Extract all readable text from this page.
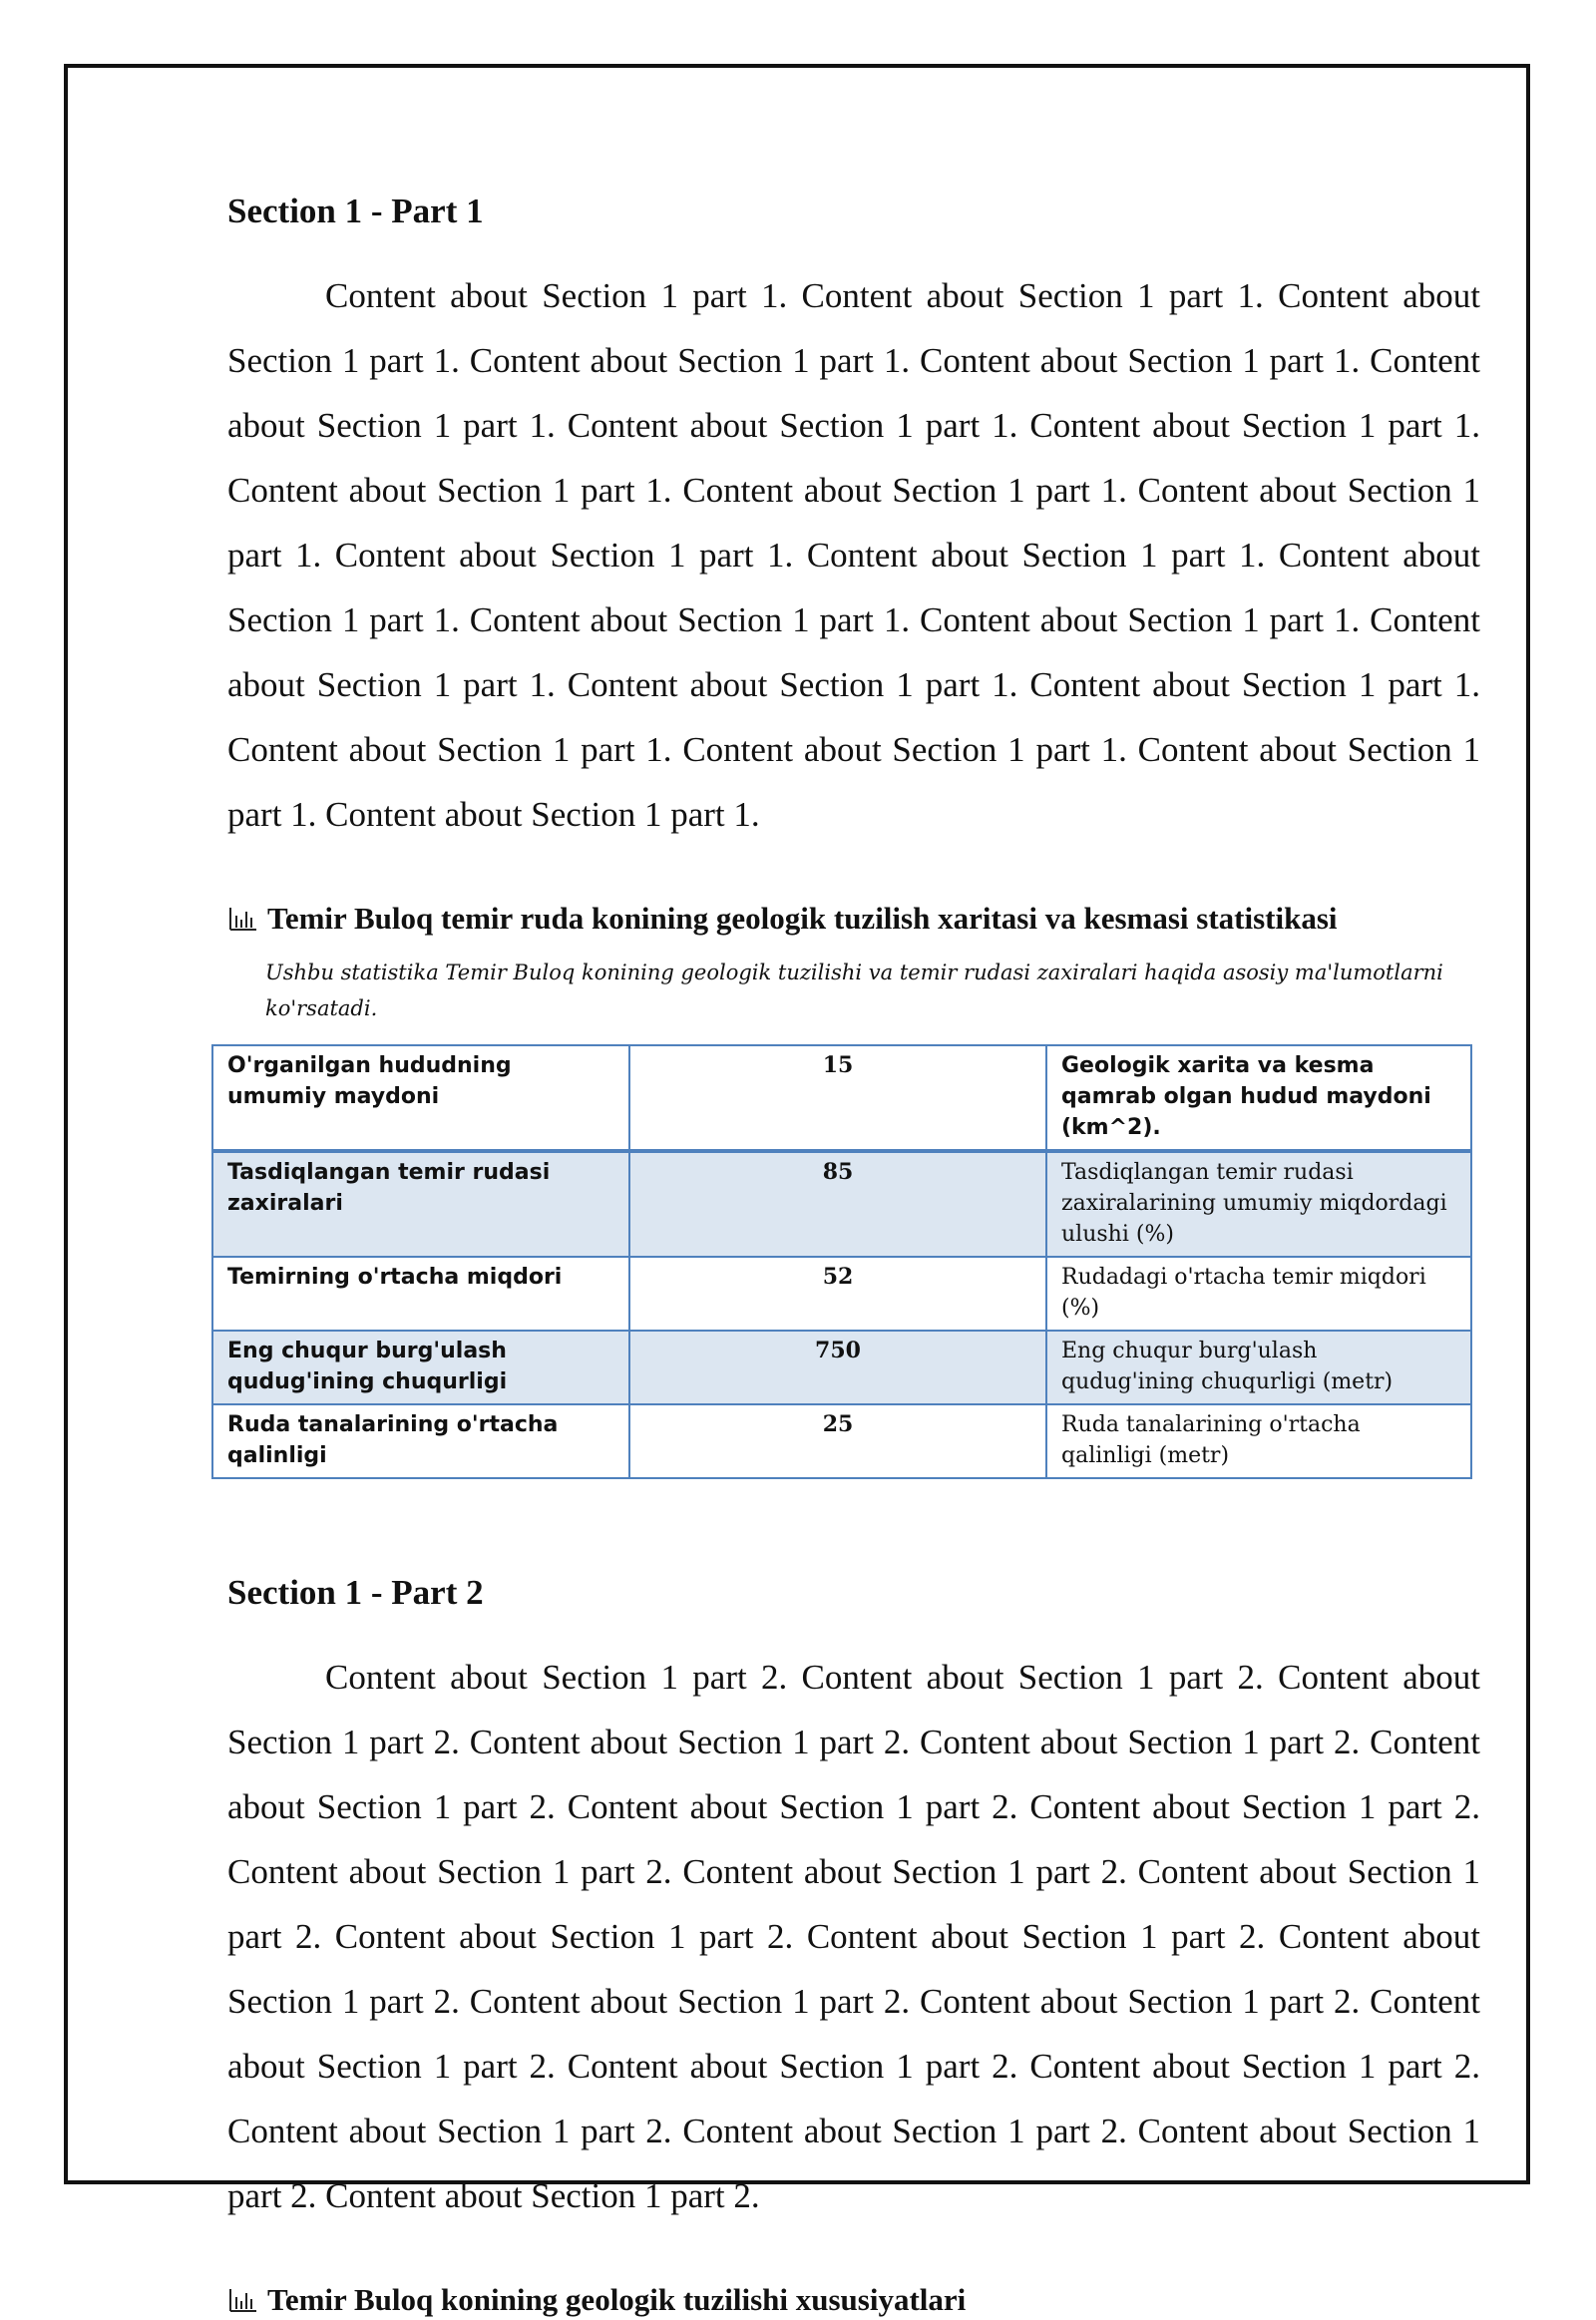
Section 1 - Part 1

Content about Section 1 part 1. Content about Section 1 part 1. Content about Section 1 part 1. Content about Section 1 part 1. Content about Section 1 part 1. Content about Section 1 part 1. Content about Section 1 part 1. Content about Section 1 part 1. Content about Section 1 part 1. Content about Section 1 part 1. Content about Section 1 part 1. Content about Section 1 part 1. Content about Section 1 part 1. Content about Section 1 part 1. Content about Section 1 part 1. Content about Section 1 part 1. Content about Section 1 part 1. Content about Section 1 part 1. Content about Section 1 part 1. Content about Section 1 part 1. Content about Section 1 part 1. Content about Section 1 part 1. Content about Section 1 part 1.

Temir Buloq temir ruda konining geologik tuzilish xaritasi va kesmasi statistikasi

Ushbu statistika Temir Buloq konining geologik tuzilishi va temir rudasi zaxiralari haqida asosiy ma'lumotlarni ko'rsatadi.

O'rganilgan hududning umumiy maydoni	15	Geologik xarita va kesma qamrab olgan hudud maydoni (km^2).
Tasdiqlangan temir rudasi zaxiralari	85	Tasdiqlangan temir rudasi zaxiralarining umumiy miqdordagi ulushi (%)
Temirning o'rtacha miqdori	52	Rudadagi o'rtacha temir miqdori (%)
Eng chuqur burg'ulash qudug'ining chuqurligi	750	Eng chuqur burg'ulash qudug'ining chuqurligi (metr)
Ruda tanalarining o'rtacha qalinligi	25	Ruda tanalarining o'rtacha qalinligi (metr)
Section 1 - Part 2

Content about Section 1 part 2. Content about Section 1 part 2. Content about Section 1 part 2. Content about Section 1 part 2. Content about Section 1 part 2. Content about Section 1 part 2. Content about Section 1 part 2. Content about Section 1 part 2. Content about Section 1 part 2. Content about Section 1 part 2. Content about Section 1 part 2. Content about Section 1 part 2. Content about Section 1 part 2. Content about Section 1 part 2. Content about Section 1 part 2. Content about Section 1 part 2. Content about Section 1 part 2. Content about Section 1 part 2. Content about Section 1 part 2. Content about Section 1 part 2. Content about Section 1 part 2. Content about Section 1 part 2. Content about Section 1 part 2.

Temir Buloq konining geologik tuzilishi xususiyatlari
